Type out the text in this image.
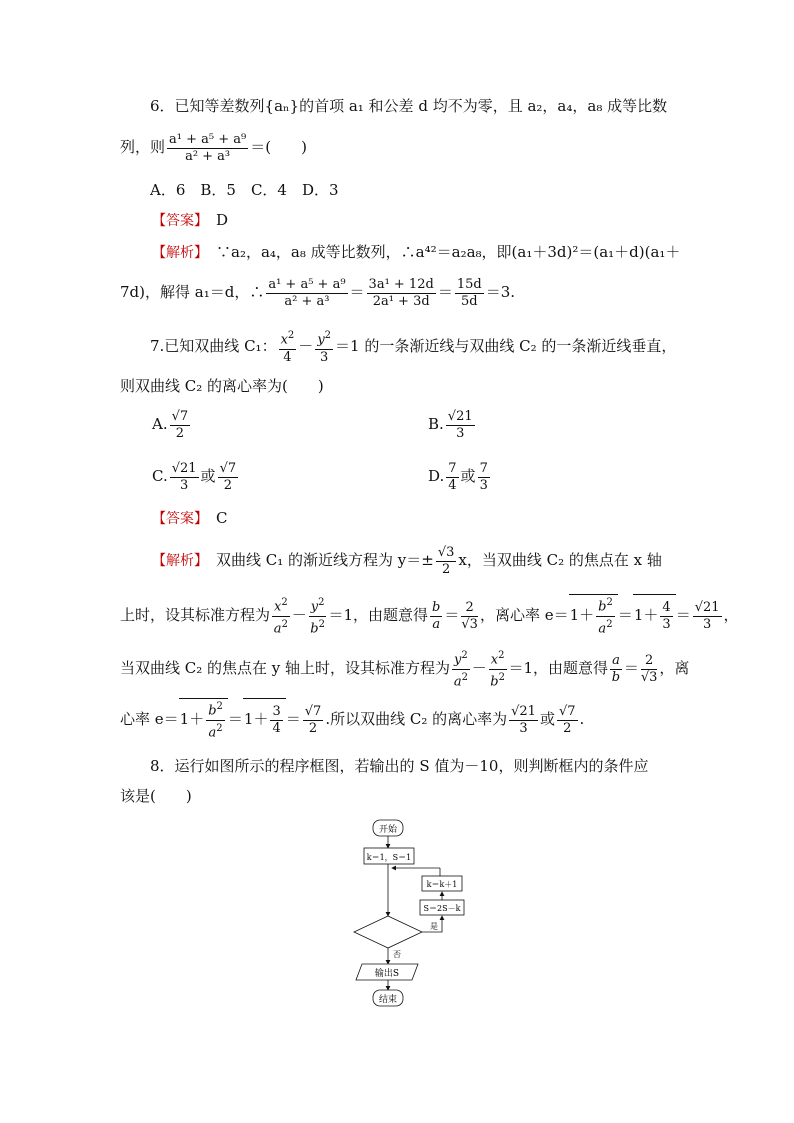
6．已知等差数列{aₙ}的首项 a₁ 和公差 d 均不为零，且 a₂，a₄，a₈ 成等比数
列，则 $\frac{\text{a¹ + a⁵ + a⁹}}{\text{a² + a³}}$ ＝(　　)
A．6　B．5　C．4　D．3
【答案】　 D
【解析】　 ∵a₂，a₄，a₈ 成等比数列，∴a⁴²＝a₂a₈，即(a₁＋3d)²＝(a₁＋d)(a₁＋
7d)，解得 a₁＝d，∴ $\frac{\text{a¹ + a⁵ + a⁹}}{\text{a² + a³}} = \frac{\text{3a¹ + 12d}}{\text{2a¹ + 3d}} = \frac{15d}{5d} =3$.
7.已知双曲线 C₁： $\frac{x^2}{4} - \frac{y^2}{3} =1$ 的一条渐近线与双曲线 C₂ 的一条渐近线垂直，
则双曲线 C₂ 的离心率为(　　)
A. $\frac{√7}{2}$	B. $\frac{√21}{3}$
C. $\frac{√21}{3}$ 或 $\frac{√7}{2}$	D. $\frac{7}{4}$ 或 $\frac{7}{3}$
【答案】　 C
【解析】　 双曲线 C₁ 的渐近线方程为 $y=\pm \frac{√3}{2}$ x，当双曲线 C₂ 的焦点在 x 轴
上时，设其标准方程为 $\frac{x^2}{a^2} - \frac{y^2}{b^2} =1$，由题意得 $\frac{b}{a} = \frac{2}{√3}$ ，离心率 $e=1+ \frac{b^2}{a^2} =1+ \frac{4}{3} = \frac{√21}{3}$ ，
当双曲线 C₂ 的焦点在 y 轴上时，设其标准方程为 $\frac{y^2}{a^2} - \frac{x^2}{b^2} =1$，由题意得 $\frac{a}{b} = \frac{2}{√3}$ ，离
心率 $e=1+ \frac{b^2}{a^2} =1+ \frac{3}{4} = \frac{√7}{2}$ .所以双曲线 C₂ 的离心率为 $\frac{√21}{3}$ 或 $\frac{√7}{2}$ .
8．运行如图所示的程序框图，若输出的 S 值为－10，则判断框内的条件应
该是(　　)
开始
k＝1，S＝1
k＝k＋1
S＝2S－k
是
否
输出S
结束
